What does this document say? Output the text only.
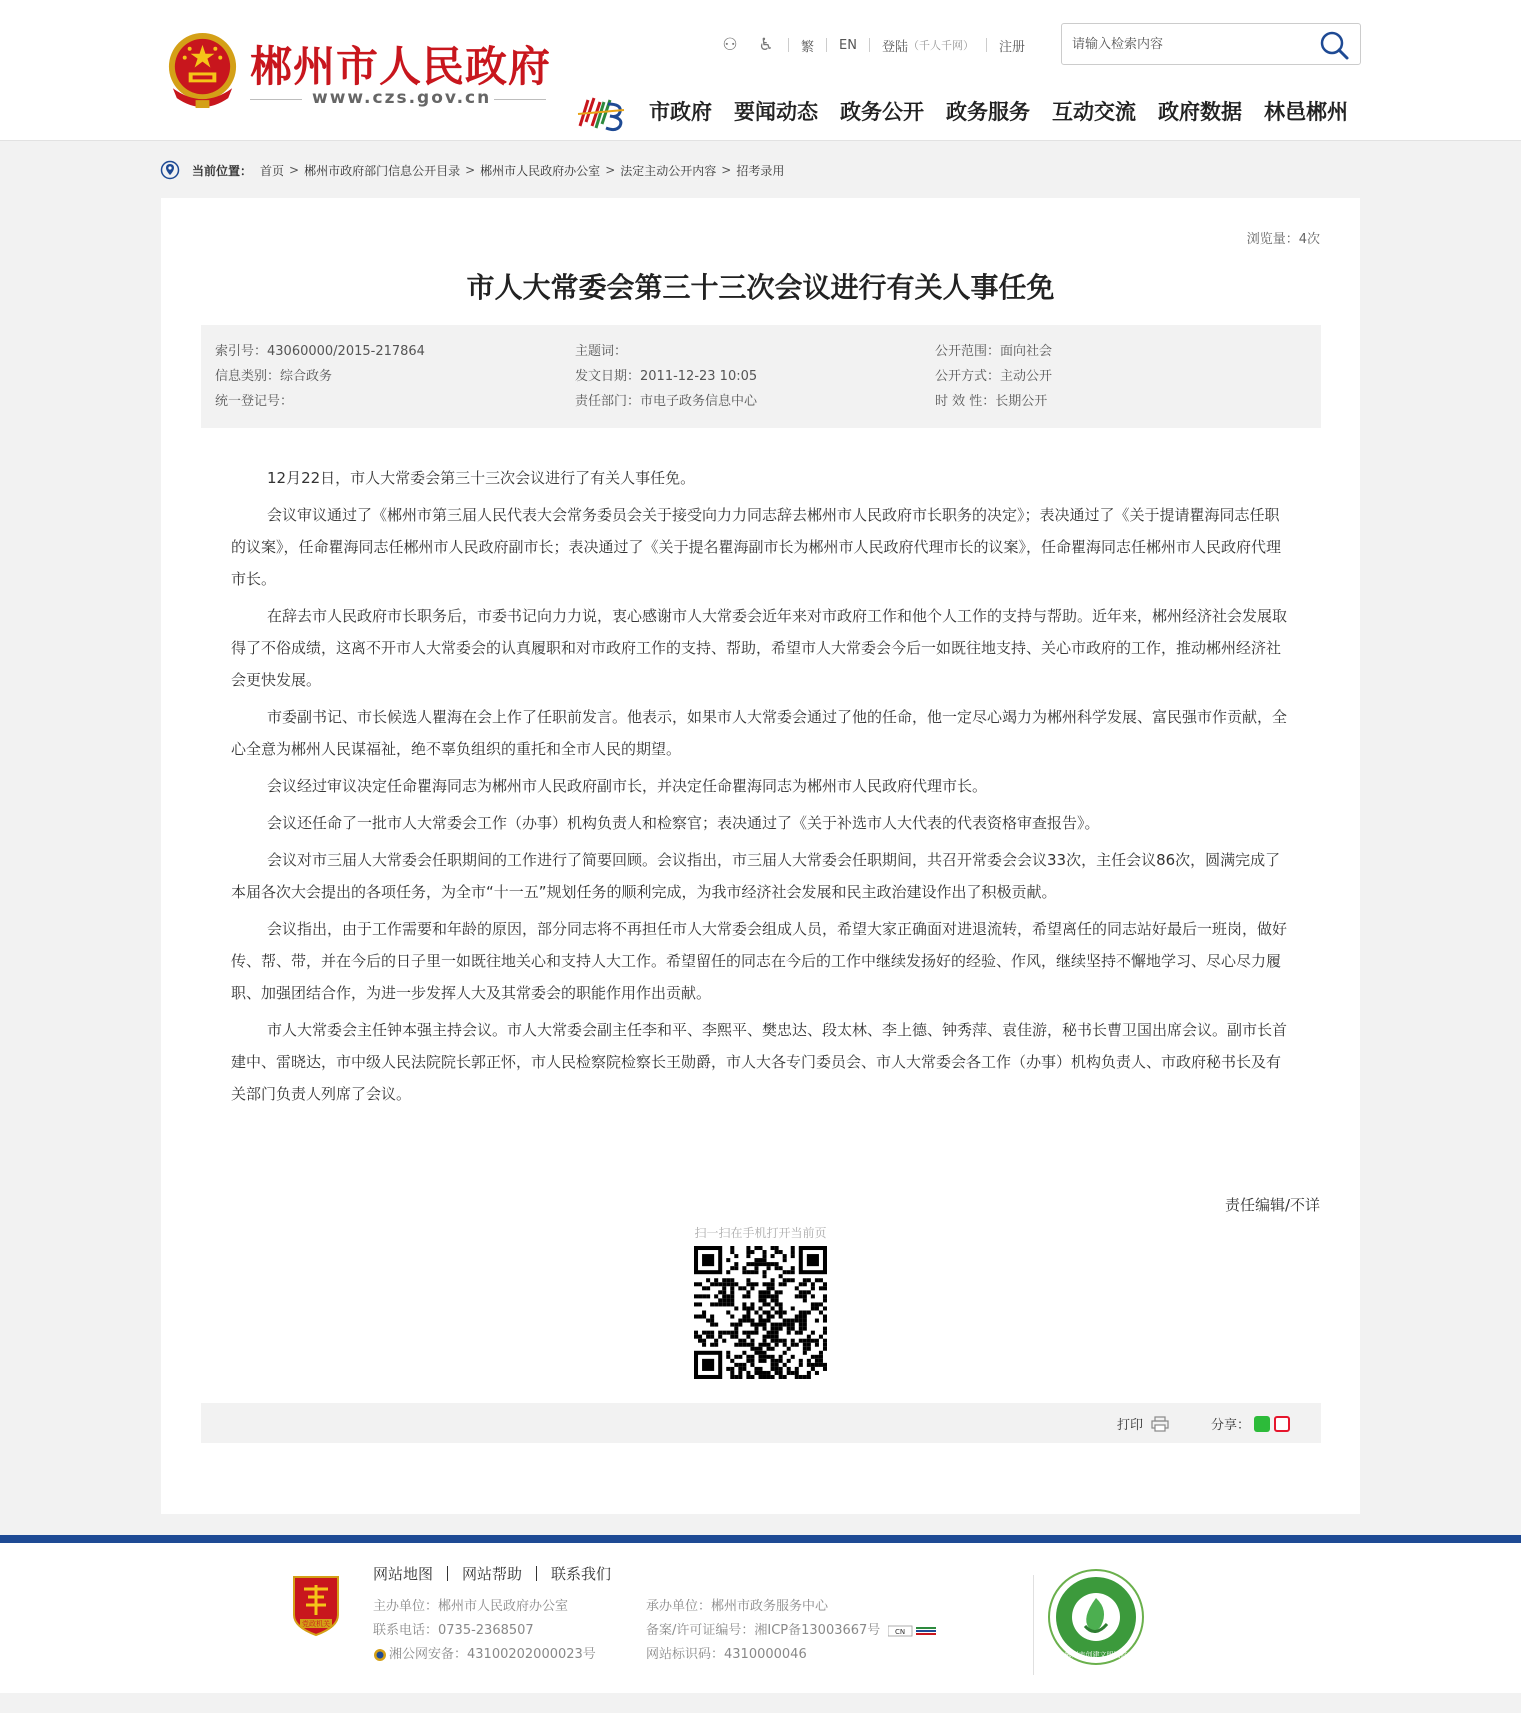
郴州市人民政府
www.czs.gov.cn
⚇ ♿ 繁 EN 登陆 （千人千网） 注册
请输入检索内容
市政府 要闻动态 政务公开 政务服务 互动交流 政府数据 林邑郴州
当前位置： 首页 > 郴州市政府部门信息公开目录 > 郴州市人民政府办公室 > 法定主动公开内容 > 招考录用
浏览量：4次
市人大常委会第三十三次会议进行有关人事任免
索引号：43060000/2015-217864	主题词：	公开范围：面向社会
信息类别：综合政务	发文日期：2011-12-23 10:05	公开方式：主动公开
统一登记号：	责任部门：市电子政务信息中心	时 效 性：长期公开

12月22日，市人大常委会第三十三次会议进行了有关人事任免。

会议审议通过了《郴州市第三届人民代表大会常务委员会关于接受向力力同志辞去郴州市人民政府市长职务的决定》；表决通过了《关于提请瞿海同志任职的议案》，任命瞿海同志任郴州市人民政府副市长；表决通过了《关于提名瞿海副市长为郴州市人民政府代理市长的议案》，任命瞿海同志任郴州市人民政府代理市长。

在辞去市人民政府市长职务后，市委书记向力力说，衷心感谢市人大常委会近年来对市政府工作和他个人工作的支持与帮助。近年来，郴州经济社会发展取得了不俗成绩，这离不开市人大常委会的认真履职和对市政府工作的支持、帮助，希望市人大常委会今后一如既往地支持、关心市政府的工作，推动郴州经济社会更快发展。

市委副书记、市长候选人瞿海在会上作了任职前发言。他表示，如果市人大常委会通过了他的任命，他一定尽心竭力为郴州科学发展、富民强市作贡献，全心全意为郴州人民谋福祉，绝不辜负组织的重托和全市人民的期望。

会议经过审议决定任命瞿海同志为郴州市人民政府副市长，并决定任命瞿海同志为郴州市人民政府代理市长。

会议还任命了一批市人大常委会工作（办事）机构负责人和检察官；表决通过了《关于补选市人大代表的代表资格审查报告》。

会议对市三届人大常委会任职期间的工作进行了简要回顾。会议指出，市三届人大常委会任职期间，共召开常委会会议33次，主任会议86次，圆满完成了本届各次大会提出的各项任务，为全市“十一五”规划任务的顺利完成，为我市经济社会发展和民主政治建设作出了积极贡献。

会议指出，由于工作需要和年龄的原因，部分同志将不再担任市人大常委会组成人员，希望大家正确面对进退流转，希望离任的同志站好最后一班岗，做好传、帮、带，并在今后的日子里一如既往地关心和支持人大工作。希望留任的同志在今后的工作中继续发扬好的经验、作风，继续坚持不懈地学习、尽心尽力履职、加强团结合作，为进一步发挥人大及其常委会的职能作用作出贡献。

市人大常委会主任钟本强主持会议。市人大常委会副主任李和平、李熙平、樊忠达、段太林、李上德、钟秀萍、袁佳游，秘书长曹卫国出席会议。副市长首建中、雷晓达，市中级人民法院院长郭正怀，市人民检察院检察长王勋爵，市人大各专门委员会、市人大常委会各工作（办事）机构负责人、市政府秘书长及有关部门负责人列席了会议。

责任编辑/不详
扫一扫在手机打开当前页
打印	分享：
党政机关
网站地图 网站帮助 联系我们
主办单位：郴州市人民政府办公室	承办单位：郴州市政务服务中心
联系电话：0735-2368507	备案/许可证编号：湘ICP备13003667号 CN
湘公网安备：43100202000023号	网站标识码：4310000046	郴州市创建文明网站
